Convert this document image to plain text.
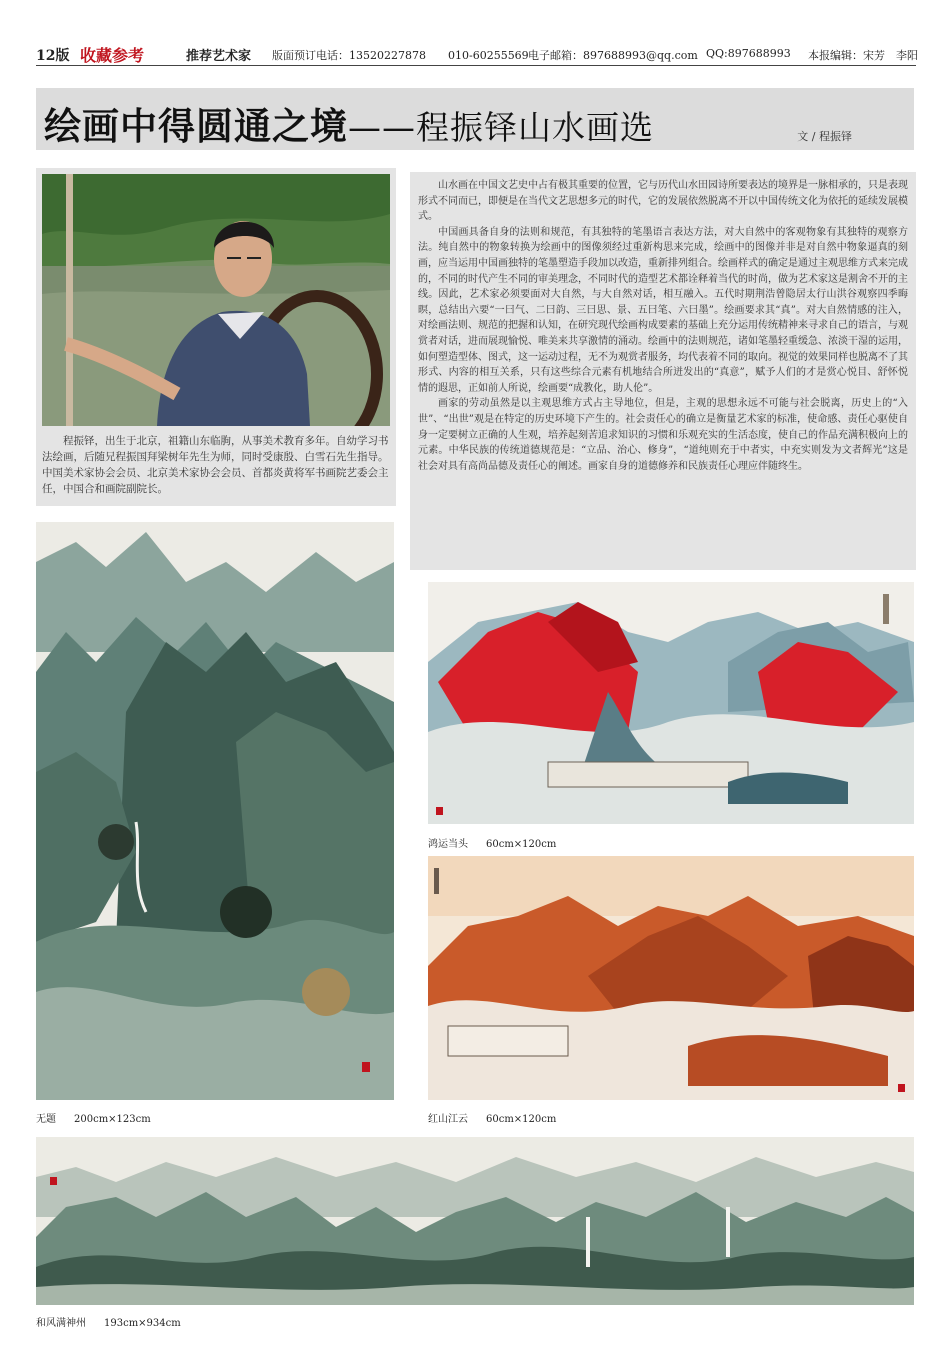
12版 收藏参考	推荐艺术家 版面预订电话：13520227878　　010-60255569 电子邮箱：897688993@qq.com QQ:897688993 本报编辑：宋芳　李阳
绘画中得圆通之境——程振铎山水画选	文 / 程振铎
程振铎，出生于北京，祖籍山东临朐，从事美术教育多年。自幼学习书法绘画，后随兄程振国拜梁树年先生为师，同时受康殷、白雪石先生指导。中国美术家协会会员、北京美术家协会会员、首都炎黄将军书画院艺委会主任，中国合和画院副院长。

山水画在中国文艺史中占有极其重要的位置，它与历代山水田园诗所要表达的境界是一脉相承的，只是表现形式不同而已，即便是在当代文艺思想多元的时代，它的发展依然脱离不开以中国传统文化为依托的延续发展模式。

中国画具备自身的法则和规范，有其独特的笔墨语言表达方法，对大自然中的客观物象有其独特的观察方法。纯自然中的物象转换为绘画中的图像须经过重新构思来完成，绘画中的图像并非是对自然中物象逼真的刻画，应当运用中国画独特的笔墨塑造手段加以改造，重新排列组合。绘画样式的确定是通过主观思维方式来完成的，不同的时代产生不同的审美理念，不同时代的造型艺术都诠释着当代的时尚，做为艺术家这是割舍不开的主线。因此，艺术家必须要面对大自然，与大自然对话，相互融入。五代时期荆浩曾隐居太行山洪谷观察四季晦暝，总结出六要“一曰气、二曰韵、三曰思、景、五曰笔、六曰墨”。绘画要求其“真”。对大自然情感的注入，对绘画法则、规范的把握和认知，在研究现代绘画构成要素的基础上充分运用传统精神来寻求自己的语言，与观赏者对话，进而展现愉悦、唯美来共享激情的涌动。绘画中的法则规范，诸如笔墨轻重缓急、浓淡干湿的运用，如何塑造型体、图式，这一运动过程，无不为观赏者服务，均代表着不同的取向。视觉的效果同样也脱离不了其形式、内容的相互关系，只有这些综合元素有机地结合所迸发出的“真意”，赋予人们的才是赏心悦目、舒怀悦情的遐思，正如前人所说，绘画要“成教化，助人伦”。

画家的劳动虽然是以主观思维方式占主导地位，但是，主观的思想永远不可能与社会脱离，历史上的“入世”、“出世”观是在特定的历史环境下产生的。社会责任心的确立是衡量艺术家的标准，使命感、责任心驱使自身一定要树立正确的人生观，培养起刻苦追求知识的习惯和乐观充实的生活态度，使自己的作品充满积极向上的元素。中华民族的传统道德规范是：“立品、治心、修身”，“道纯则充于中者实，中充实则发为文者辉光”这是社会对具有高尚品德及责任心的阐述。画家自身的道德修养和民族责任心理应伴随终生。

无题 200cm×123cm
鸿运当头 60cm×120cm
红山江云 60cm×120cm
和风满神州 193cm×934cm
